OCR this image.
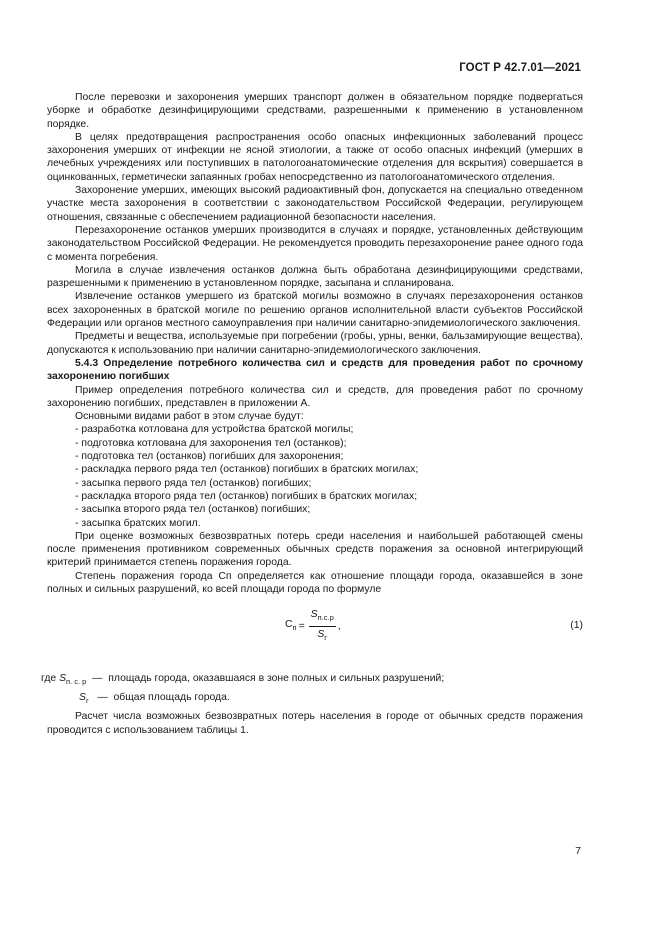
ГОСТ Р 42.7.01—2021

После перевозки и захоронения умерших транспорт должен в обязательном порядке подвергаться уборке и обработке дезинфицирующими средствами, разрешенными к применению в установленном порядке.

В целях предотвращения распространения особо опасных инфекционных заболеваний процесс захоронения умерших от инфекции не ясной этиологии, а также от особо опасных инфекций (умерших в лечебных учреждениях или поступивших в патологоанатомические отделения для вскрытия) совершается в оцинкованных, герметически запаянных гробах непосредственно из патологоанатомического отделения.

Захоронение умерших, имеющих высокий радиоактивный фон, допускается на специально отведенном участке места захоронения в соответствии с законодательством Российской Федерации, регулирующем отношения, связанные с обеспечением радиационной безопасности населения.

Перезахоронение останков умерших производится в случаях и порядке, установленных действующим законодательством Российской Федерации. Не рекомендуется проводить перезахоронение ранее одного года с момента погребения.

Могила в случае извлечения останков должна быть обработана дезинфицирующими средствами, разрешенными к применению в установленном порядке, засыпана и спланирована.

Извлечение останков умершего из братской могилы возможно в случаях перезахоронения останков всех захороненных в братской могиле по решению органов исполнительной власти субъектов Российской Федерации или органов местного самоуправления при наличии санитарно-эпидемиологического заключения.

Предметы и вещества, используемые при погребении (гробы, урны, венки, бальзамирующие вещества), допускаются к использованию при наличии санитарно-эпидемиологического заключения.

5.4.3 Определение потребного количества сил и средств для проведения работ по срочному захоронению погибших

Пример определения потребного количества сил и средств, для проведения работ по срочному захоронению погибших, представлен в приложении А.

Основными видами работ в этом случае будут:

- разработка котлована для устройства братской могилы;

- подготовка котлована для захоронения тел (останков);

- подготовка тел (останков) погибших для захоронения;

- раскладка первого ряда тел (останков) погибших в братских могилах;

- засыпка первого ряда тел (останков) погибших;

- раскладка второго ряда тел (останков) погибших в братских могилах;

- засыпка второго ряда тел (останков) погибших;

- засыпка братских могил.

При оценке возможных безвозвратных потерь среди населения и наибольшей работающей смены после применения противником современных обычных средств поражения за основной интегрирующий критерий принимается степень поражения города.

Степень поражения города Cп определяется как отношение площади города, оказавшейся в зоне полных и сильных разрушений, ко всей площади города по формуле

$C_п = \frac{S_{п.с.р}}{S_г}$ ,	(1)
где
$S_{п. с. р}$
—
площадь города, оказавшаяся в зоне полных и сильных разрушений;
$S_г$
—
общая площадь города.

Расчет числа возможных безвозвратных потерь населения в городе от обычных средств поражения проводится с использованием таблицы 1.

7
